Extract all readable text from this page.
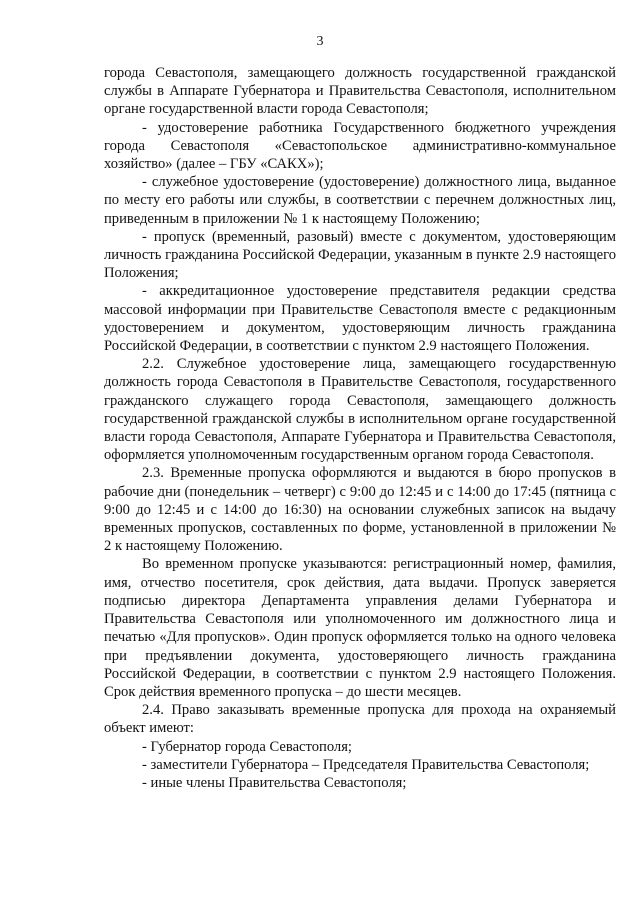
3

города Севастополя, замещающего должность государственной гражданской службы в Аппарате Губернатора и Правительства Севастополя, исполнительном органе государственной власти города Севастополя;

- удостоверение работника Государственного бюджетного учреждения города Севастополя «Севастопольское административно-коммунальное хозяйство» (далее – ГБУ «САКХ»);

- служебное удостоверение (удостоверение) должностного лица, выданное по месту его работы или службы, в соответствии с перечнем должностных лиц, приведенным в приложении № 1 к настоящему Положению;

- пропуск (временный, разовый) вместе с документом, удостоверяющим личность гражданина Российской Федерации, указанным в пункте 2.9 настоящего Положения;

- аккредитационное удостоверение представителя редакции средства массовой информации при Правительстве Севастополя вместе с редакционным удостоверением и документом, удостоверяющим личность гражданина Российской Федерации, в соответствии с пунктом 2.9 настоящего Положения.

2.2. Служебное удостоверение лица, замещающего государственную должность города Севастополя в Правительстве Севастополя, государственного гражданского служащего города Севастополя, замещающего должность государственной гражданской службы в исполнительном органе государственной власти города Севастополя, Аппарате Губернатора и Правительства Севастополя, оформляется уполномоченным государственным органом города Севастополя.

2.3. Временные пропуска оформляются и выдаются в бюро пропусков в рабочие дни (понедельник – четверг) с 9:00 до 12:45 и с 14:00 до 17:45 (пятница с 9:00 до 12:45 и с 14:00 до 16:30) на основании служебных записок на выдачу временных пропусков, составленных по форме, установленной в приложении № 2 к настоящему Положению.

Во временном пропуске указываются: регистрационный номер, фамилия, имя, отчество посетителя, срок действия, дата выдачи. Пропуск заверяется подписью директора Департамента управления делами Губернатора и Правительства Севастополя или уполномоченного им должностного лица и печатью «Для пропусков». Один пропуск оформляется только на одного человека при предъявлении документа, удостоверяющего личность гражданина Российской Федерации, в соответствии с пунктом 2.9 настоящего Положения. Срок действия временного пропуска – до шести месяцев.

2.4. Право заказывать временные пропуска для прохода на охраняемый объект имеют:

- Губернатор города Севастополя;

- заместители Губернатора – Председателя Правительства Севастополя;

- иные члены Правительства Севастополя;
